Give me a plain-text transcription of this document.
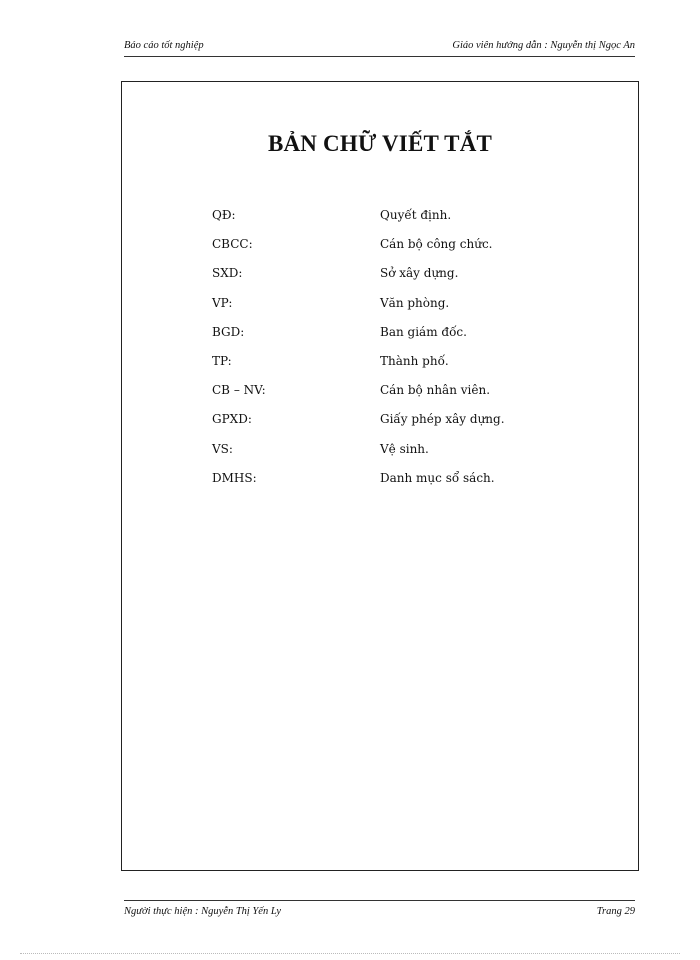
Báo cáo tốt nghiệp	Giáo viên hướng dẫn : Nguyễn thị Ngọc An
BẢN CHỮ VIẾT TẮT
QĐ:	Quyết định.
CBCC:	Cán bộ công chức.
SXD:	Sở xây dựng.
VP:	Văn phòng.
BGD:	Ban giám đốc.
TP:	Thành phố.
CB – NV:	Cán bộ nhân viên.
GPXD:	Giấy phép xây dựng.
VS:	Vệ sinh.
DMHS:	Danh mục sổ sách.
Người thực hiện : Nguyễn Thị Yến Ly	Trang 29
